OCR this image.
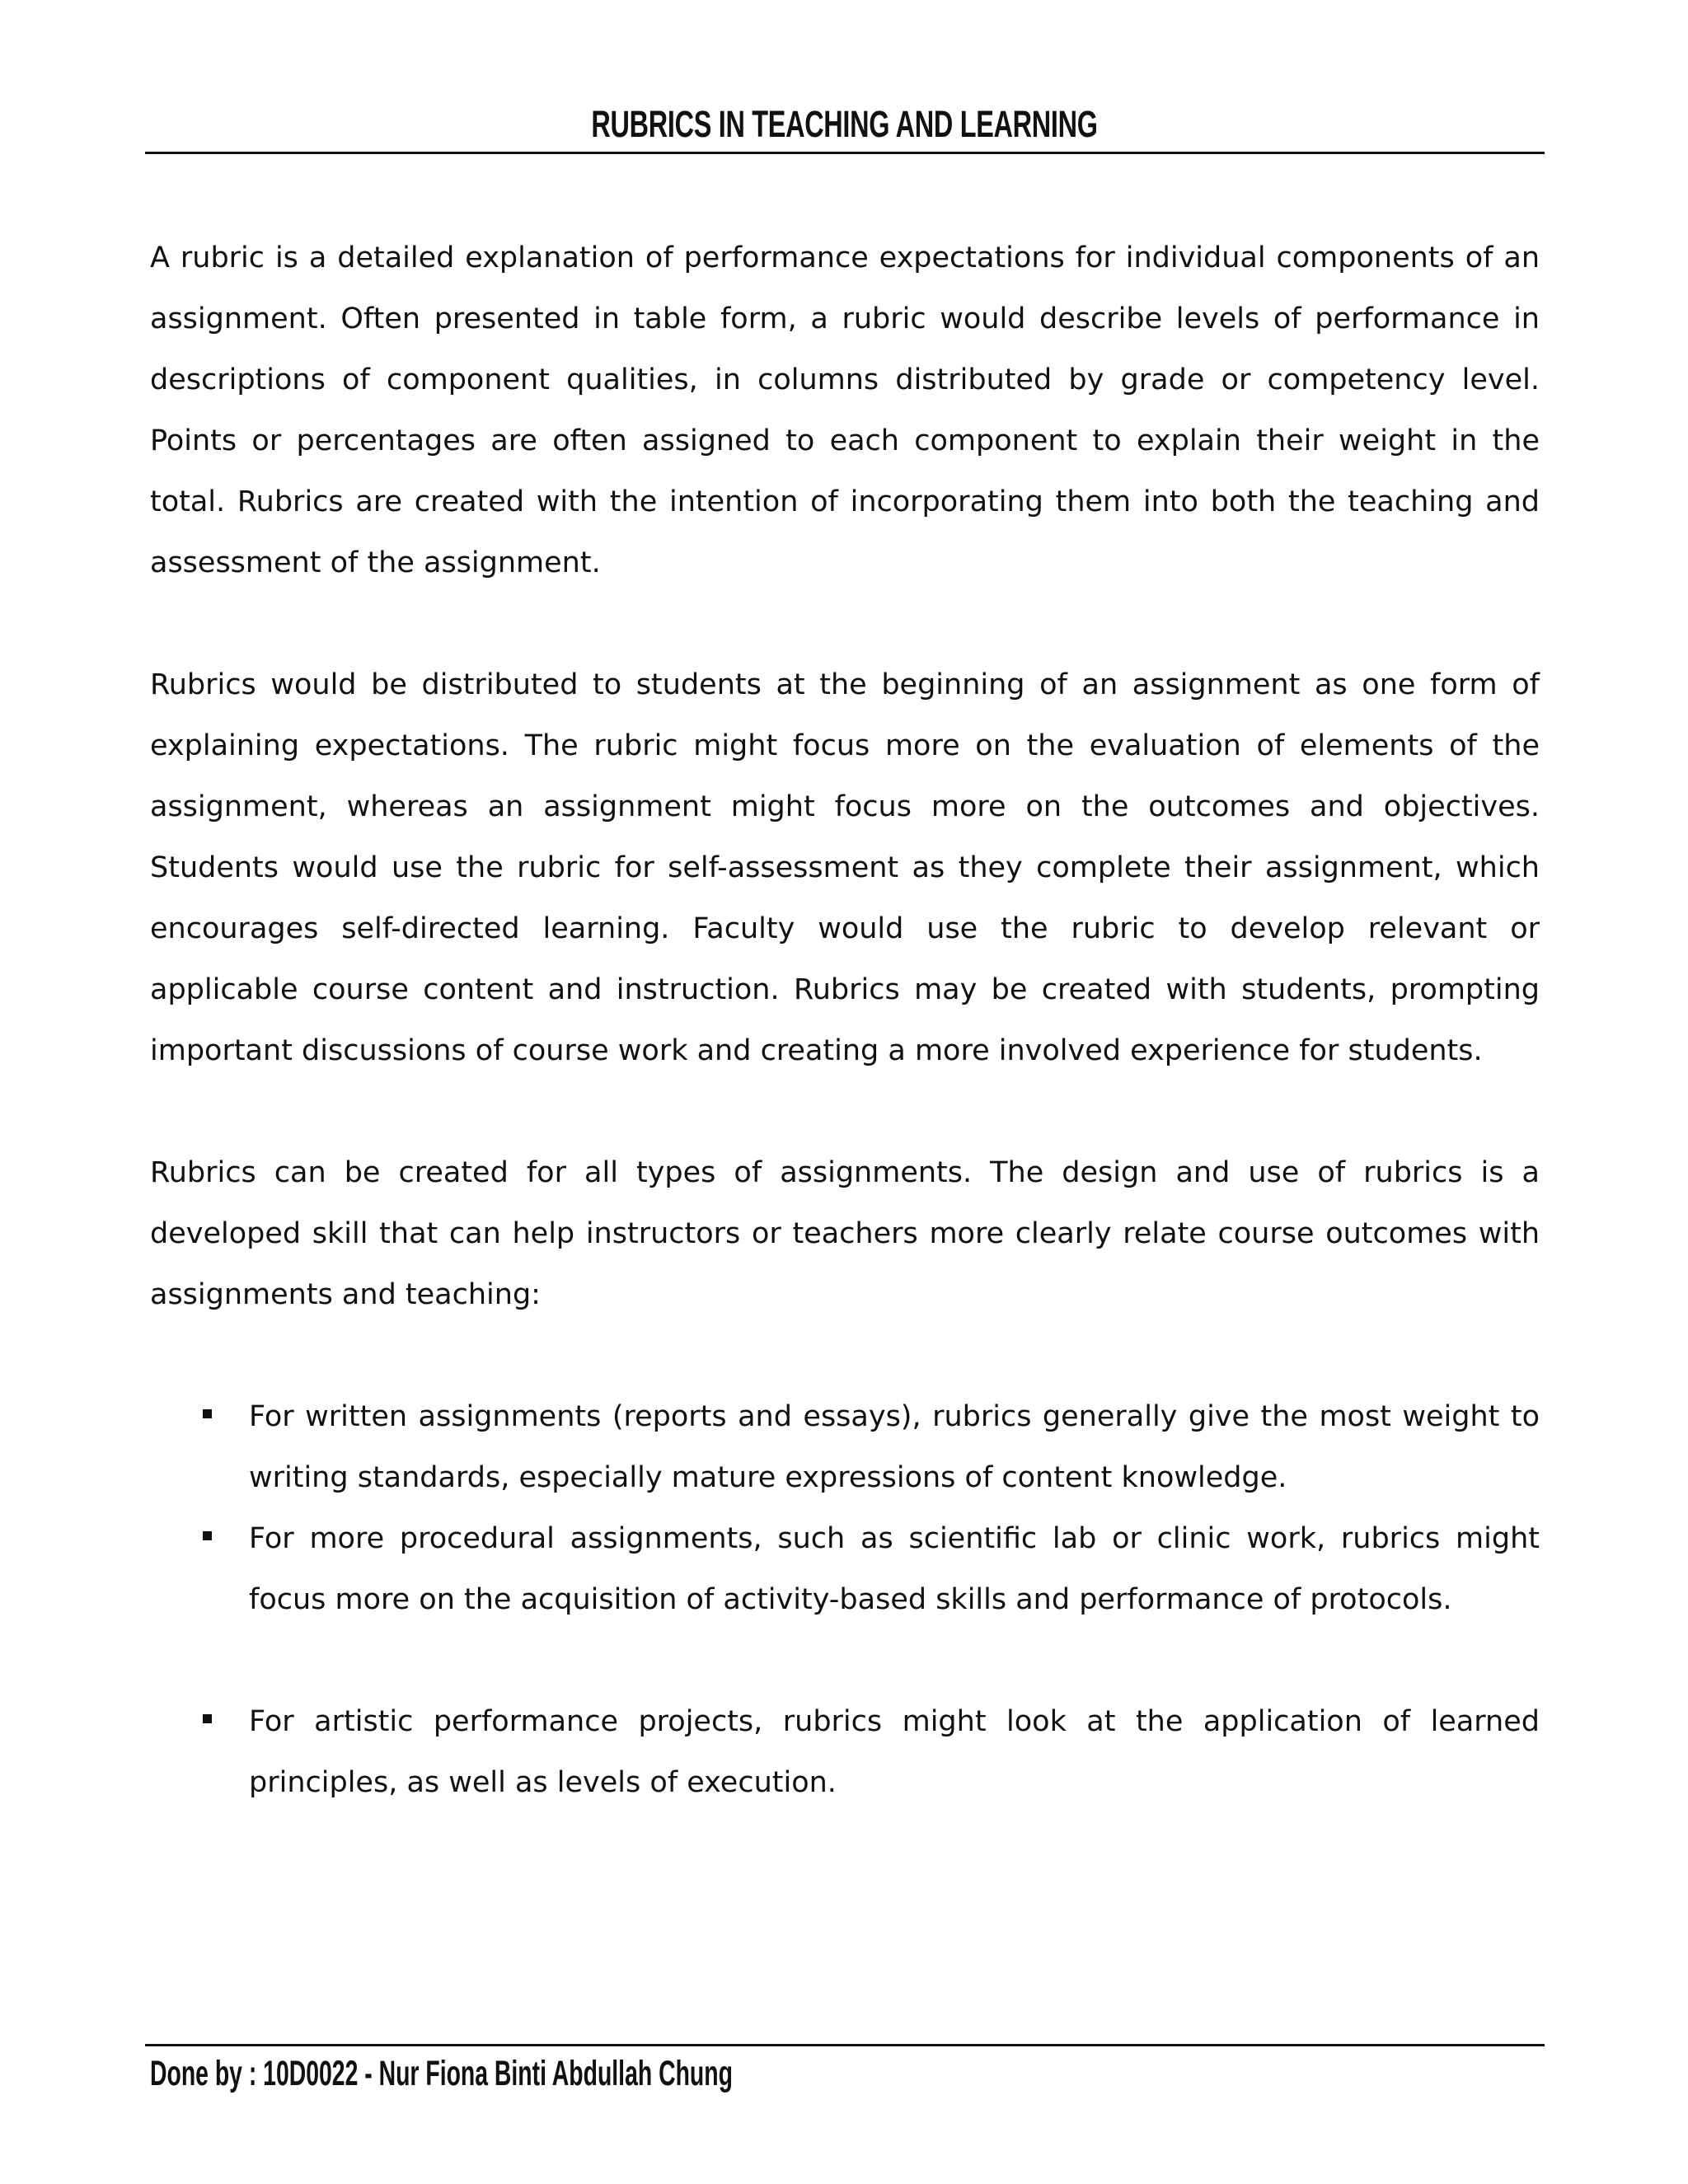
RUBRICS IN TEACHING AND LEARNING

A rubric is a detailed explanation of performance expectations for individual components of an assignment. Often presented in table form, a rubric would describe levels of performance in descriptions of component qualities, in columns distributed by grade or competency level. Points or percentages are often assigned to each component to explain their weight in the total. Rubrics are created with the intention of incorporating them into both the teaching and assessment of the assignment.

Rubrics would be distributed to students at the beginning of an assignment as one form of explaining expectations. The rubric might focus more on the evaluation of elements of the assignment, whereas an assignment might focus more on the outcomes and objectives. Students would use the rubric for self-assessment as they complete their assignment, which encourages self-directed learning. Faculty would use the rubric to develop relevant or applicable course content and instruction. Rubrics may be created with students, prompting important discussions of course work and creating a more involved experience for students.

Rubrics can be created for all types of assignments. The design and use of rubrics is a developed skill that can help instructors or teachers more clearly relate course outcomes with assignments and teaching:

For written assignments (reports and essays), rubrics generally give the most weight to writing standards, especially mature expressions of content knowledge.
For more procedural assignments, such as scientific lab or clinic work, rubrics might focus more on the acquisition of activity-based skills and performance of protocols.
For artistic performance projects, rubrics might look at the application of learned principles, as well as levels of execution.
Done by : 10D0022 - Nur Fiona Binti Abdullah Chung
